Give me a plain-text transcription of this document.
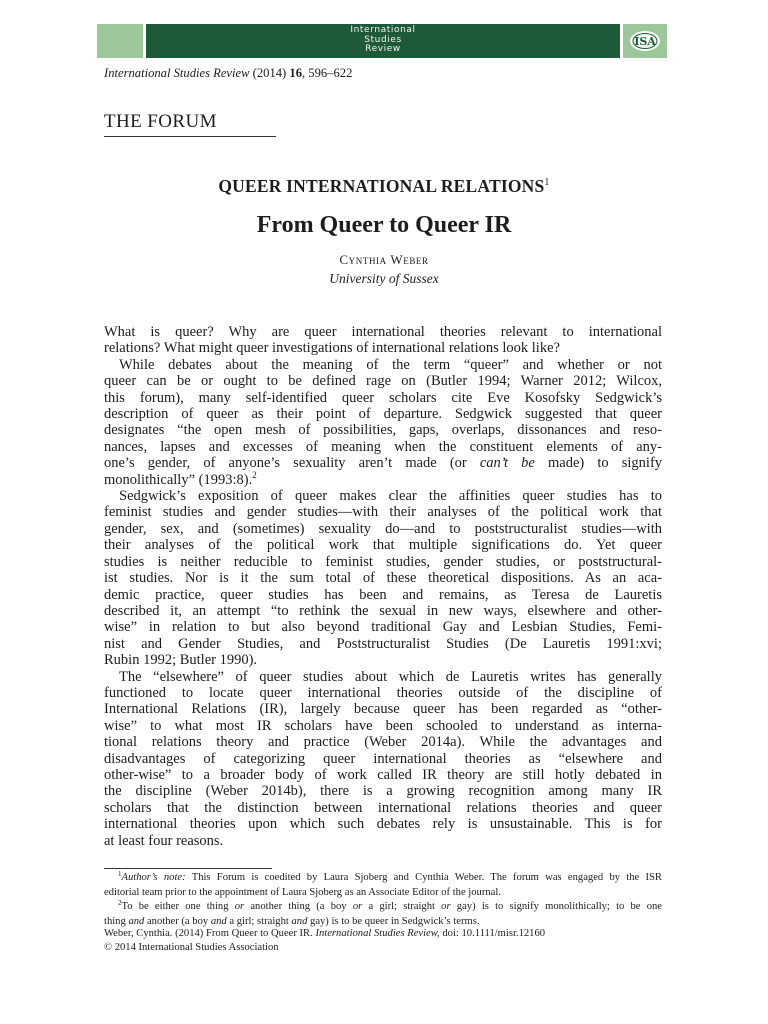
International
Studies
Review
ISA
International Studies Review (2014) 16, 596–622
THE FORUM
QUEER INTERNATIONAL RELATIONS$^1$
From Queer to Queer IR
Cynthia Weber
University of Sussex
What is queer? Why are queer international theories relevant to international
relations? What might queer investigations of international relations look like?
While debates about the meaning of the term “queer” and whether or not
queer can be or ought to be defined rage on (Butler 1994; Warner 2012; Wilcox,
this forum), many self-identified queer scholars cite Eve Kosofsky Sedgwick’s
description of queer as their point of departure. Sedgwick suggested that queer
designates “the open mesh of possibilities, gaps, overlaps, dissonances and reso-
nances, lapses and excesses of meaning when the constituent elements of any-
one’s gender, of anyone’s sexuality aren’t made (or can’t be made) to signify
monolithically” (1993:8).$^2$
Sedgwick’s exposition of queer makes clear the affinities queer studies has to
feminist studies and gender studies—with their analyses of the political work that
gender, sex, and (sometimes) sexuality do—and to poststructuralist studies—with
their analyses of the political work that multiple significations do. Yet queer
studies is neither reducible to feminist studies, gender studies, or poststructural-
ist studies. Nor is it the sum total of these theoretical dispositions. As an aca-
demic practice, queer studies has been and remains, as Teresa de Lauretis
described it, an attempt “to rethink the sexual in new ways, elsewhere and other-
wise” in relation to but also beyond traditional Gay and Lesbian Studies, Femi-
nist and Gender Studies, and Poststructuralist Studies (De Lauretis 1991:xvi;
Rubin 1992; Butler 1990).
The “elsewhere” of queer studies about which de Lauretis writes has generally
functioned to locate queer international theories outside of the discipline of
International Relations (IR), largely because queer has been regarded as “other-
wise” to what most IR scholars have been schooled to understand as interna-
tional relations theory and practice (Weber 2014a). While the advantages and
disadvantages of categorizing queer international theories as “elsewhere and
other-wise” to a broader body of work called IR theory are still hotly debated in
the discipline (Weber 2014b), there is a growing recognition among many IR
scholars that the distinction between international relations theories and queer
international theories upon which such debates rely is unsustainable. This is for
at least four reasons.
$^1$Author’s note: This Forum is coedited by Laura Sjoberg and Cynthia Weber. The forum was engaged by the ISR
editorial team prior to the appointment of Laura Sjoberg as an Associate Editor of the journal.
$^2$To be either one thing or another thing (a boy or a girl; straight or gay) is to signify monolithically; to be one
thing and another (a boy and a girl; straight and gay) is to be queer in Sedgwick’s terms.
Weber, Cynthia. (2014) From Queer to Queer IR. International Studies Review, doi: 10.1111/misr.12160
© 2014 International Studies Association
